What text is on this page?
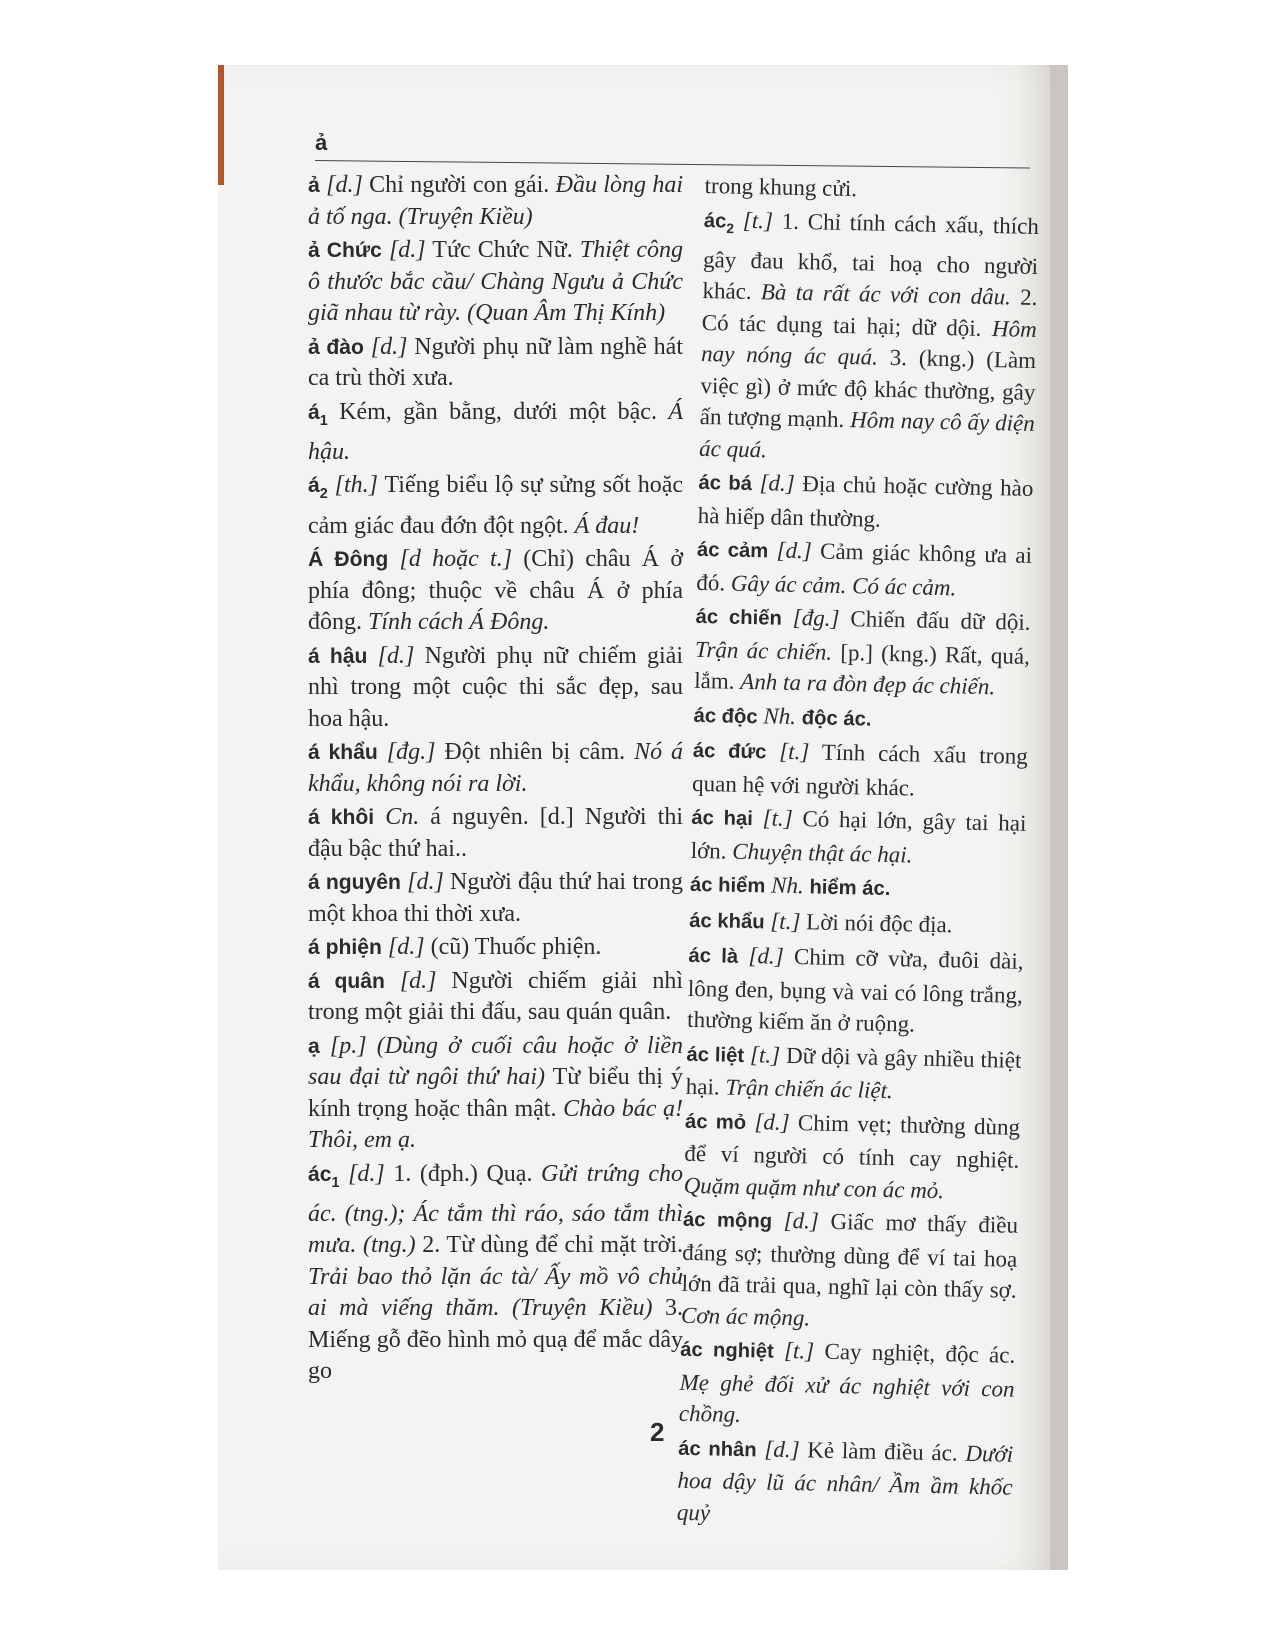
ả
ả [d.] Chỉ người con gái. Đầu lòng hai ả tố nga. (Truyện Kiều)
ả Chức [d.] Tức Chức Nữ. Thiệt công ô thước bắc cầu/ Chàng Ngưu ả Chức giã nhau từ rày. (Quan Âm Thị Kính)
ả đào [d.] Người phụ nữ làm nghề hát ca trù thời xưa.
$á_1$ Kém, gần bằng, dưới một bậc. Á hậu.
$á_2$ [th.] Tiếng biểu lộ sự sửng sốt hoặc cảm giác đau đớn đột ngột. Á đau!
Á Đông [d hoặc t.] (Chỉ) châu Á ở phía đông; thuộc về châu Á ở phía đông. Tính cách Á Đông.
á hậu [d.] Người phụ nữ chiếm giải nhì trong một cuộc thi sắc đẹp, sau hoa hậu.
á khẩu [đg.] Đột nhiên bị câm. Nó á khẩu, không nói ra lời.
á khôi Cn. á nguyên. [d.] Người thi đậu bậc thứ hai..
á nguyên [d.] Người đậu thứ hai trong một khoa thi thời xưa.
á phiện [d.] (cũ) Thuốc phiện.
á quân [d.] Người chiếm giải nhì trong một giải thi đấu, sau quán quân.
ạ [p.] (Dùng ở cuối câu hoặc ở liền sau đại từ ngôi thứ hai) Từ biểu thị ý kính trọng hoặc thân mật. Chào bác ạ! Thôi, em ạ.
$ác_1$ [d.] 1. (đph.) Quạ. Gửi trứng cho ác. (tng.); Ác tắm thì ráo, sáo tắm thì mưa. (tng.) 2. Từ dùng để chỉ mặt trời. Trải bao thỏ lặn ác tà/ Ấy mồ vô chủ ai mà viếng thăm. (Truyện Kiều) 3. Miếng gỗ đẽo hình mỏ quạ để mắc dây go
trong khung cửi.
$ác_2$ [t.] 1. Chỉ tính cách xấu, thích gây đau khổ, tai hoạ cho người khác. Bà ta rất ác với con dâu. 2. Có tác dụng tai hại; dữ dội. Hôm nay nóng ác quá. 3. (kng.) (Làm việc gì) ở mức độ khác thường, gây ấn tượng mạnh. Hôm nay cô ấy diện ác quá.
ác bá [d.] Địa chủ hoặc cường hào hà hiếp dân thường.
ác cảm [d.] Cảm giác không ưa ai đó. Gây ác cảm. Có ác cảm.
ác chiến [đg.] Chiến đấu dữ dội. Trận ác chiến. [p.] (kng.) Rất, quá, lắm. Anh ta ra đòn đẹp ác chiến.
ác độc Nh. độc ác.
ác đức [t.] Tính cách xấu trong quan hệ với người khác.
ác hại [t.] Có hại lớn, gây tai hại lớn. Chuyện thật ác hại.
ác hiểm Nh. hiểm ác.
ác khẩu [t.] Lời nói độc địa.
ác là [d.] Chim cỡ vừa, đuôi dài, lông đen, bụng và vai có lông trắng, thường kiếm ăn ở ruộng.
ác liệt [t.] Dữ dội và gây nhiều thiệt hại. Trận chiến ác liệt.
ác mỏ [d.] Chim vẹt; thường dùng để ví người có tính cay nghiệt. Quặm quặm như con ác mỏ.
ác mộng [d.] Giấc mơ thấy điều đáng sợ; thường dùng để ví tai hoạ lớn đã trải qua, nghĩ lại còn thấy sợ. Cơn ác mộng.
ác nghiệt [t.] Cay nghiệt, độc ác. Mẹ ghẻ đối xử ác nghiệt với con chồng.
ác nhân [d.] Kẻ làm điều ác. Dưới hoa dậy lũ ác nhân/ Ầm ầm khốc quỷ
2
